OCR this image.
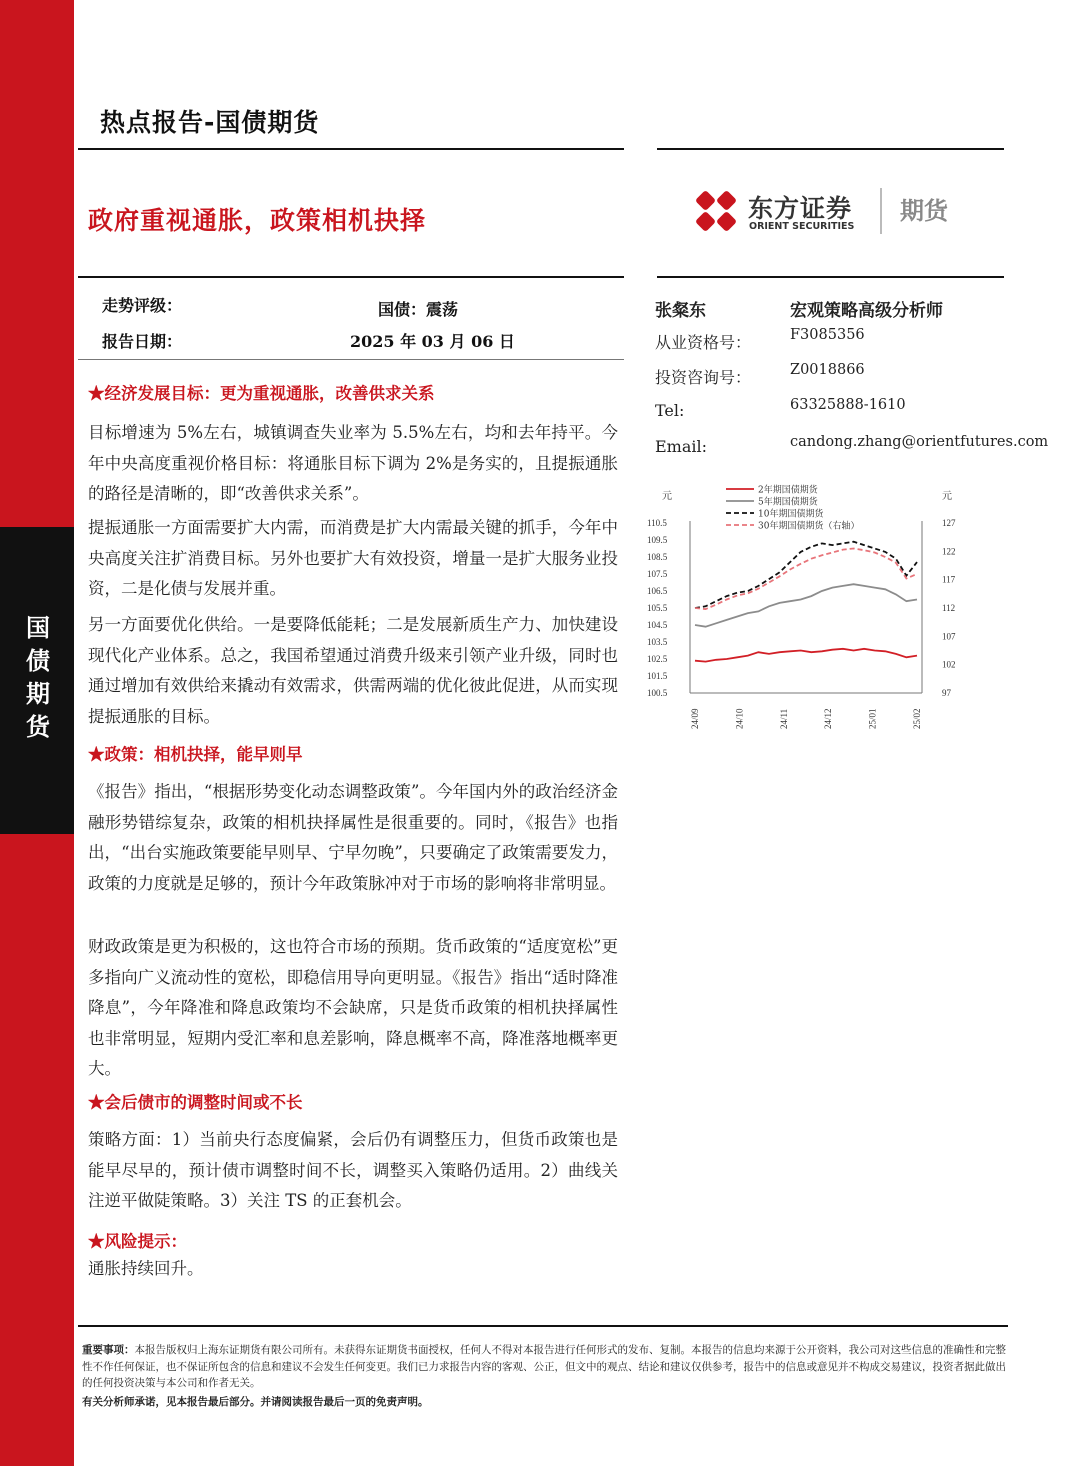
国
债
期
货
热点报告-国债期货
政府重视通胀，政策相机抉择	东方证券
ORIENT SECURITIES
期货
走势评级：	国债：震荡
报告日期：	2025 年 03 月 06 日
张粲东	宏观策略高级分析师
从业资格号：	F3085356
投资咨询号：	Z0018866
Tel:	63325888-1610
Email:	candong.zhang@orientfutures.com
★经济发展目标：更为重视通胀，改善供求关系
目标增速为 5%左右，城镇调查失业率为 5.5%左右，均和去年持平。今年中央高度重视价格目标：将通胀目标下调为 2%是务实的，且提振通胀的路径是清晰的，即“改善供求关系”。
提振通胀一方面需要扩大内需，而消费是扩大内需最关键的抓手，今年中央高度关注扩消费目标。另外也要扩大有效投资，增量一是扩大服务业投资，二是化债与发展并重。
另一方面要优化供给。一是要降低能耗；二是发展新质生产力、加快建设现代化产业体系。总之，我国希望通过消费升级来引领产业升级，同时也通过增加有效供给来撬动有效需求，供需两端的优化彼此促进，从而实现提振通胀的目标。
★政策：相机抉择，能早则早
《报告》指出，“根据形势变化动态调整政策”。今年国内外的政治经济金融形势错综复杂，政策的相机抉择属性是很重要的。同时，《报告》也指出，“出台实施政策要能早则早、宁早勿晚”，只要确定了政策需要发力，政策的力度就是足够的，预计今年政策脉冲对于市场的影响将非常明显。
财政政策是更为积极的，这也符合市场的预期。货币政策的“适度宽松”更多指向广义流动性的宽松，即稳信用导向更明显。《报告》指出“适时降准降息”，今年降准和降息政策均不会缺席，只是货币政策的相机抉择属性也非常明显，短期内受汇率和息差影响，降息概率不高，降准落地概率更大。
★会后债市的调整时间或不长
策略方面：1）当前央行态度偏紧，会后仍有调整压力，但货币政策也是能早尽早的，预计债市调整时间不长，调整买入策略仍适用。2）曲线关注逆平做陡策略。3）关注 TS 的正套机会。
★风险提示：
通胀持续回升。
元	元
110.5
109.5
108.5
107.5
106.5
105.5
104.5
103.5
102.5
101.5
100.5
127
122
117
112
107
102
97
24/09	24/10	24/11	24/12	25/01	25/02
2年期国债期货
5年期国债期货
10年期国债期货
30年期国债期货（右轴）
重要事项：本报告版权归上海东证期货有限公司所有。未获得东证期货书面授权，任何人不得对本报告进行任何形式的发布、复制。本报告的信息均来源于公开资料，我公司对这些信息的准确性和完整性不作任何保证，也不保证所包含的信息和建议不会发生任何变更。我们已力求报告内容的客观、公正，但文中的观点、结论和建议仅供参考，报告中的信息或意见并不构成交易建议，投资者据此做出的任何投资决策与本公司和作者无关。
有关分析师承诺，见本报告最后部分。并请阅读报告最后一页的免责声明。
